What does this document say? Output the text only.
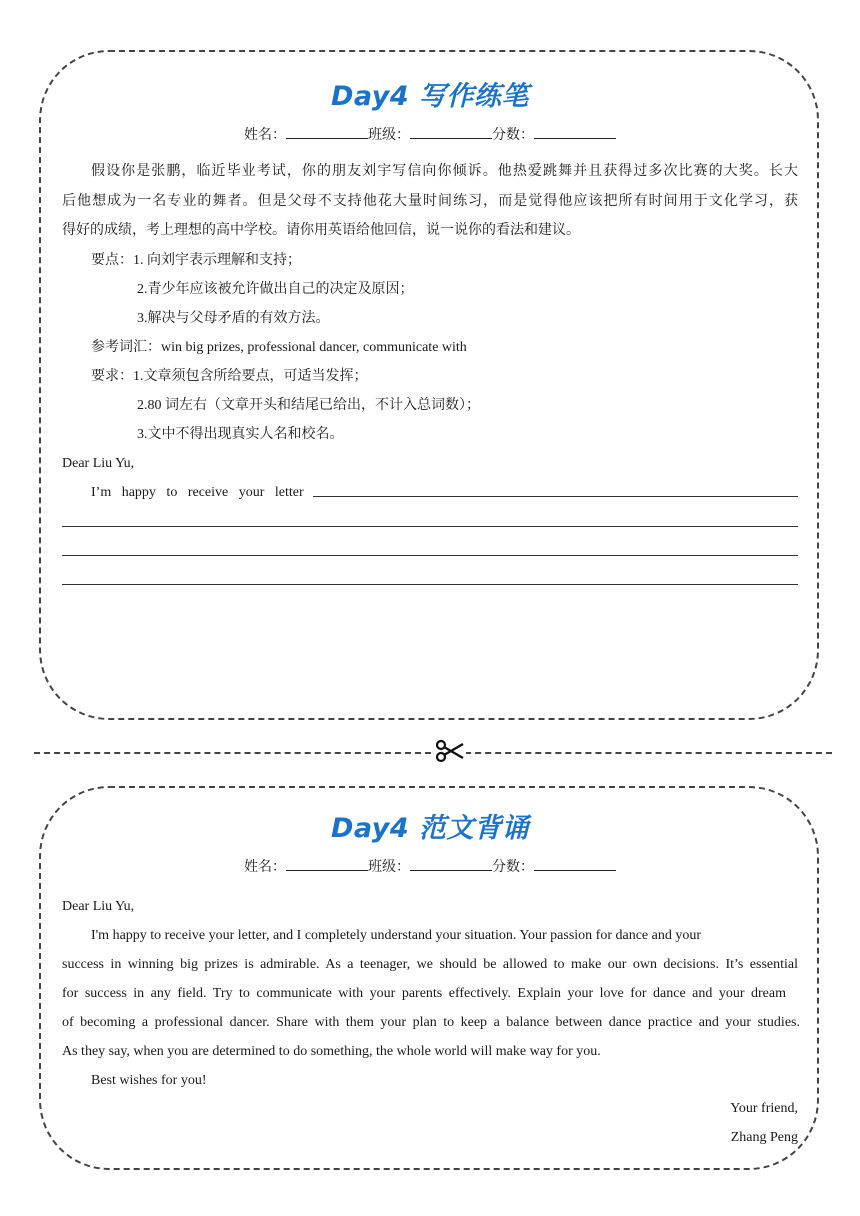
Day4 写作练笔
姓名：	班级：	分数：
假设你是张鹏，临近毕业考试，你的朋友刘宇写信向你倾诉。他热爱跳舞并且获得过多次比赛的大奖。长大
后他想成为一名专业的舞者。但是父母不支持他花大量时间练习，而是觉得他应该把所有时间用于文化学习，获
得好的成绩，考上理想的高中学校。请你用英语给他回信，说一说你的看法和建议。
要点：1. 向刘宇表示理解和支持；
2.青少年应该被允许做出自己的决定及原因；
3.解决与父母矛盾的有效方法。
参考词汇：win big prizes, professional dancer, communicate with
要求：1.文章须包含所给要点，可适当发挥；
2.80 词左右（文章开头和结尾已给出，不计入总词数）；
3.文中不得出现真实人名和校名。
Dear Liu Yu,
I’m   happy   to   receive   your   letter
Day4 范文背诵
姓名：	班级：	分数：
Dear Liu Yu,
I'm happy to receive your letter, and I completely understand your situation. Your passion for dance and your
success in winning big prizes is admirable. As a teenager, we should be allowed to make our own decisions. It’s essential
for success in any field. Try to communicate with your parents effectively. Explain your love for dance and your dream
of becoming a professional dancer. Share with them your plan to keep a balance between dance practice and your studies.
As they say, when you are determined to do something, the whole world will make way for you.
Best wishes for you!
Your friend,
Zhang Peng
